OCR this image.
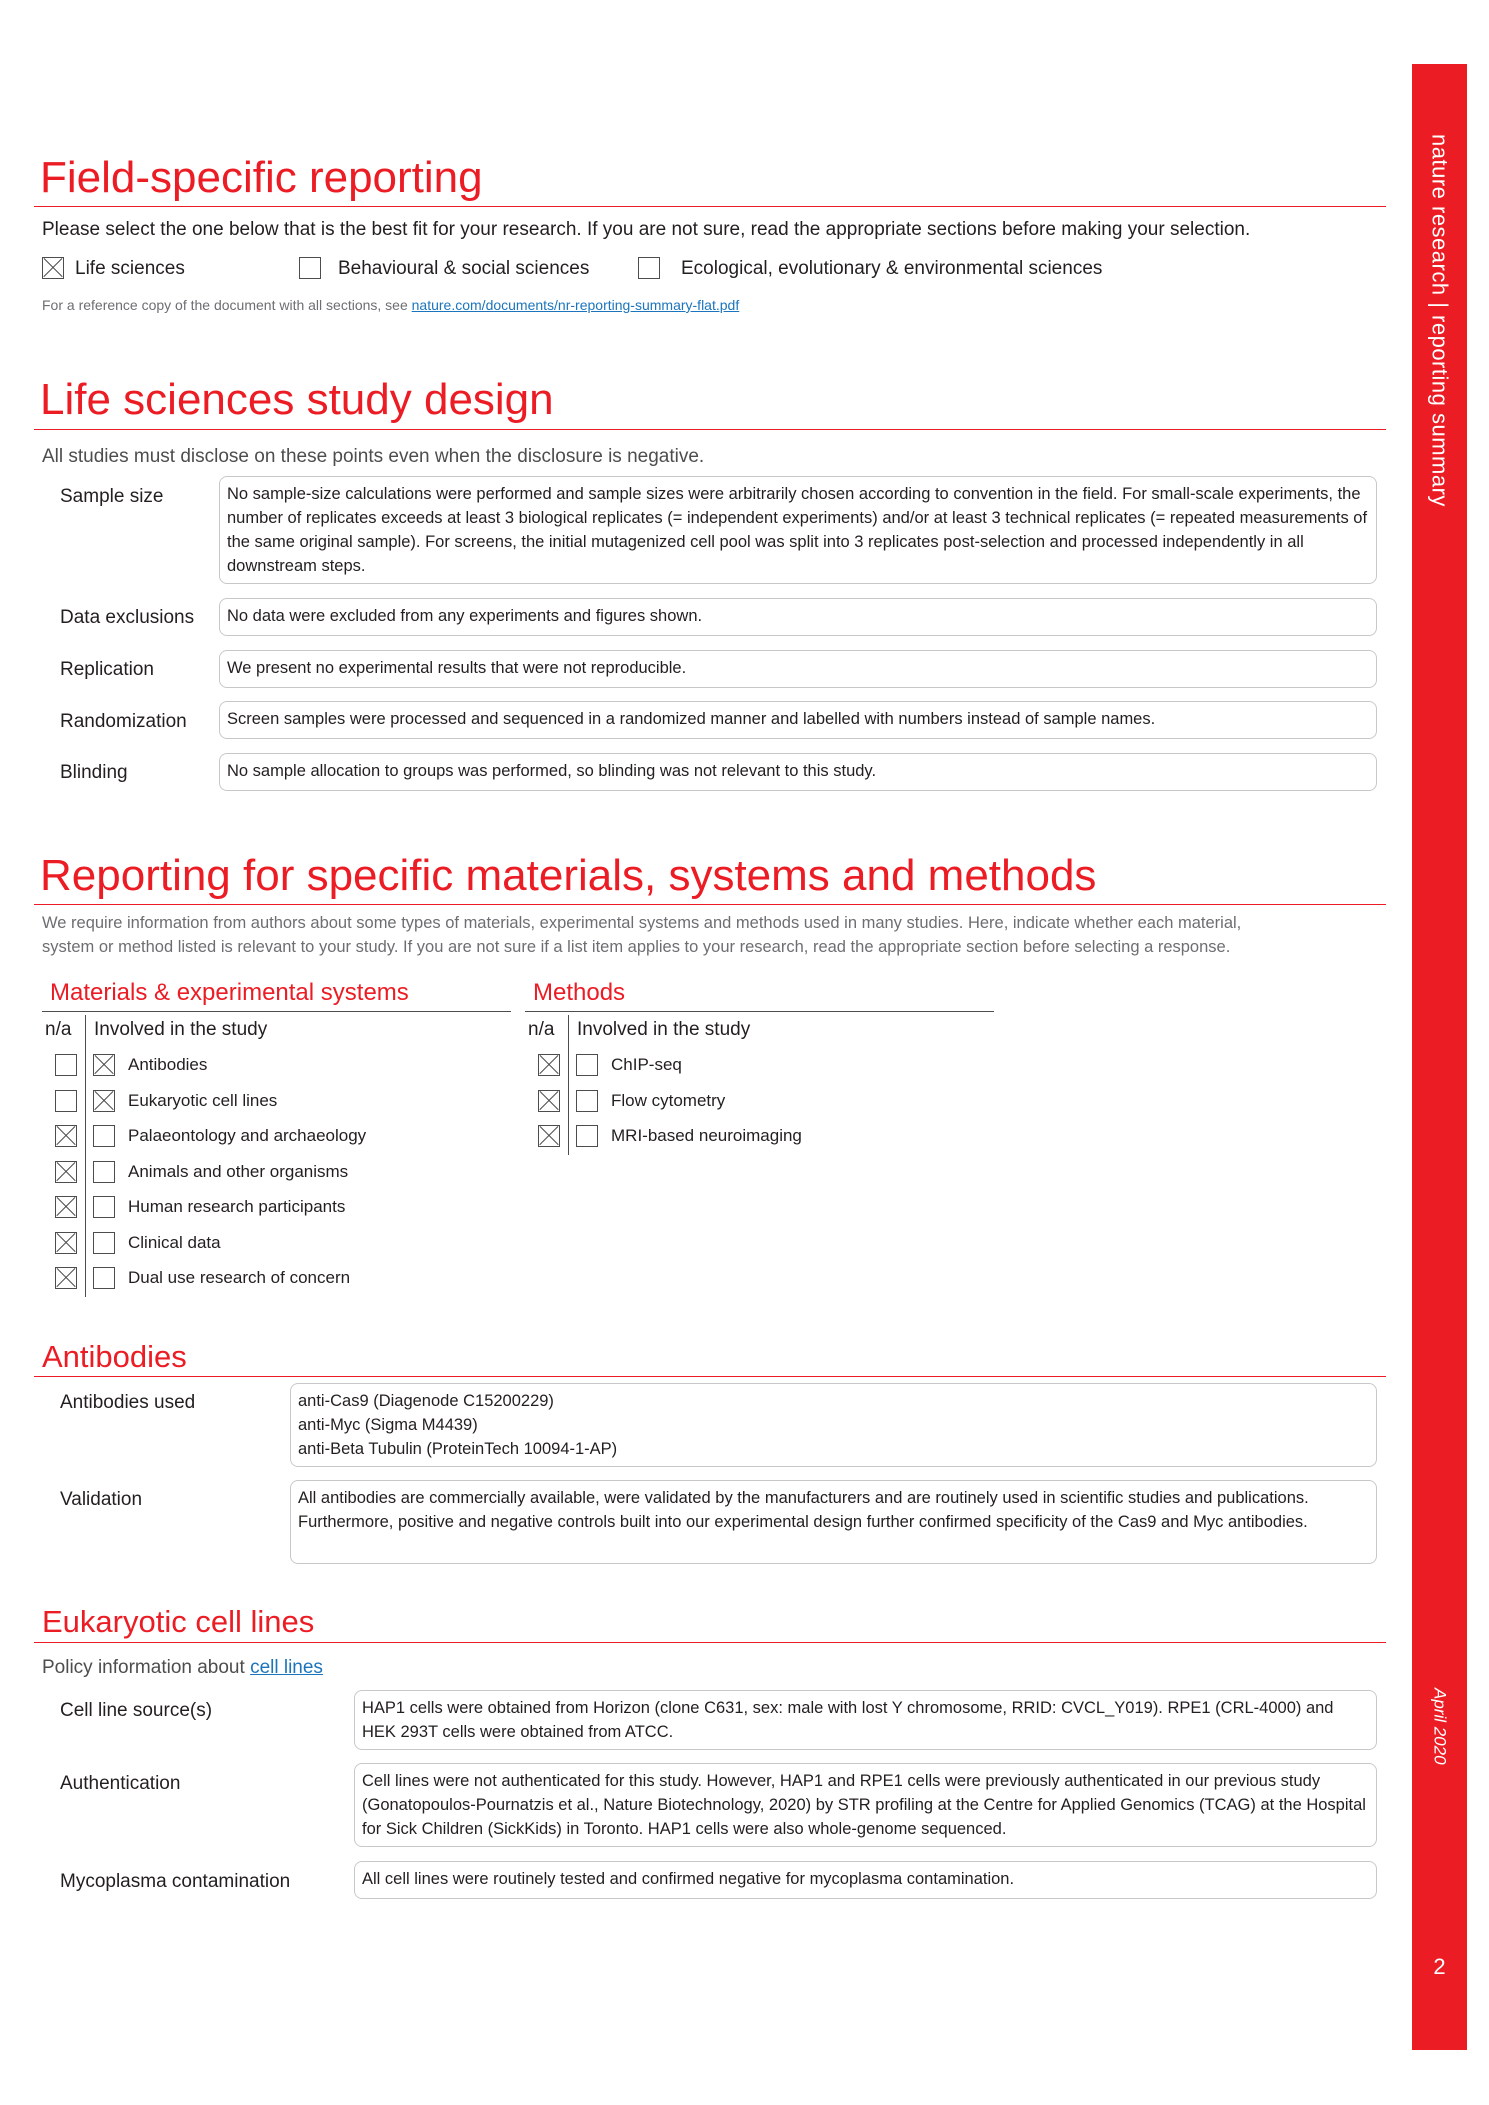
nature research | reporting summary
April 2020
2
Field-specific reporting
Please select the one below that is the best fit for your research. If you are not sure, read the appropriate sections before making your selection.
Life sciences	Behavioural & social sciences	Ecological, evolutionary & environmental sciences
For a reference copy of the document with all sections, see nature.com/documents/nr-reporting-summary-flat.pdf
Life sciences study design
All studies must disclose on these points even when the disclosure is negative.
Sample size	No sample-size calculations were performed and sample sizes were arbitrarily chosen according to convention in the field. For small-scale experiments, the number of replicates exceeds at least 3 biological replicates (= independent experiments) and/or at least 3 technical replicates (= repeated measurements of the same original sample). For screens, the initial mutagenized cell pool was split into 3 replicates post-selection and processed independently in all downstream steps.
Data exclusions	No data were excluded from any experiments and figures shown.
Replication	We present no experimental results that were not reproducible.
Randomization	Screen samples were processed and sequenced in a randomized manner and labelled with numbers instead of sample names.
Blinding	No sample allocation to groups was performed, so blinding was not relevant to this study.
Reporting for specific materials, systems and methods
We require information from authors about some types of materials, experimental systems and methods used in many studies. Here, indicate whether each material,
system or method listed is relevant to your study. If you are not sure if a list item applies to your research, read the appropriate section before selecting a response.
Materials & experimental systems
n/a Involved in the study
Antibodies
Eukaryotic cell lines
Palaeontology and archaeology
Animals and other organisms
Human research participants
Clinical data
Dual use research of concern
Methods
n/a Involved in the study
ChIP-seq
Flow cytometry
MRI-based neuroimaging
Antibodies
Antibodies used	anti-Cas9 (Diagenode C15200229)
anti-Myc (Sigma M4439)
anti-Beta Tubulin (ProteinTech 10094-1-AP)
Validation	All antibodies are commercially available, were validated by the manufacturers and are routinely used in scientific studies and publications. Furthermore, positive and negative controls built into our experimental design further confirmed specificity of the Cas9 and Myc antibodies.
Eukaryotic cell lines
Policy information about cell lines
Cell line source(s)	HAP1 cells were obtained from Horizon (clone C631, sex: male with lost Y chromosome, RRID: CVCL_Y019). RPE1 (CRL-4000) and HEK 293T cells were obtained from ATCC.
Authentication	Cell lines were not authenticated for this study. However, HAP1 and RPE1 cells were previously authenticated in our previous study (Gonatopoulos-Pournatzis et al., Nature Biotechnology, 2020) by STR profiling at the Centre for Applied Genomics (TCAG) at the Hospital for Sick Children (SickKids) in Toronto. HAP1 cells were also whole-genome sequenced.
Mycoplasma contamination	All cell lines were routinely tested and confirmed negative for mycoplasma contamination.
